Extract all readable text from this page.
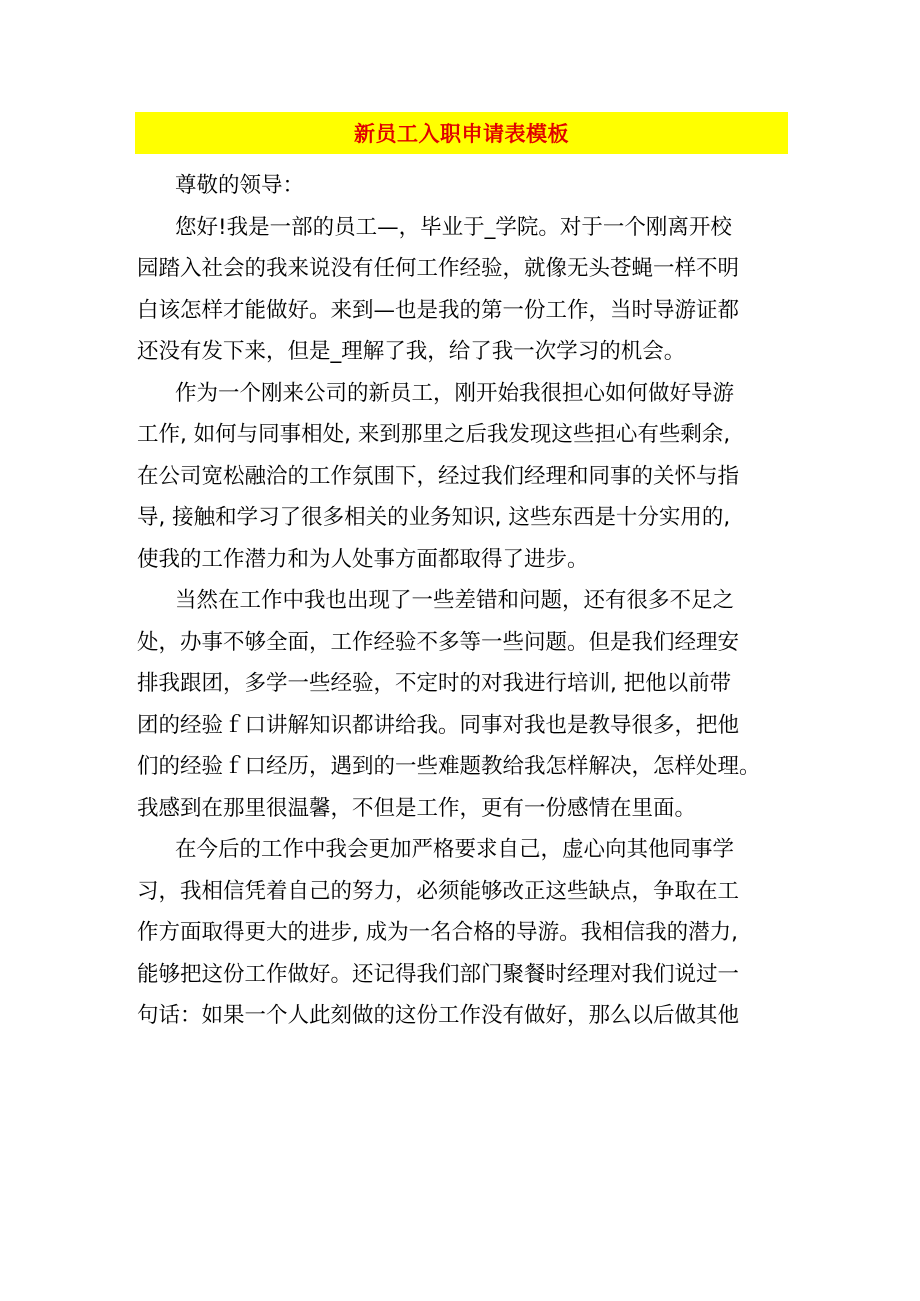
新员工入职申请表模板
尊敬的领导：
您好!我是一部的员工—，毕业于_学院。对于一个刚离开校
园踏入社会的我来说没有任何工作经验，就像无头苍蝇一样不明
白该怎样才能做好。来到—也是我的第一份工作，当时导游证都
还没有发下来，但是_理解了我，给了我一次学习的机会。
作为一个刚来公司的新员工，刚开始我很担心如何做好导游
工作, 如何与同事相处, 来到那里之后我发现这些担心有些剩余,
在公司宽松融洽的工作氛围下，经过我们经理和同事的关怀与指
导, 接触和学习了很多相关的业务知识, 这些东西是十分实用的,
使我的工作潜力和为人处事方面都取得了进步。
当然在工作中我也出现了一些差错和问题，还有很多不足之
处，办事不够全面，工作经验不多等一些问题。但是我们经理安
排我跟团，多学一些经验，不定时的对我进行培训, 把他以前带
团的经验ｆ口讲解知识都讲给我。同事对我也是教导很多，把他
们的经验ｆ口经历，遇到的一些难题教给我怎样解决，怎样处理。
我感到在那里很温馨，不但是工作，更有一份感情在里面。
在今后的工作中我会更加严格要求自己，虚心向其他同事学
习，我相信凭着自己的努力，必须能够改正这些缺点，争取在工
作方面取得更大的进步, 成为一名合格的导游。我相信我的潜力,
能够把这份工作做好。还记得我们部门聚餐时经理对我们说过一
句话：如果一个人此刻做的这份工作没有做好，那么以后做其他
